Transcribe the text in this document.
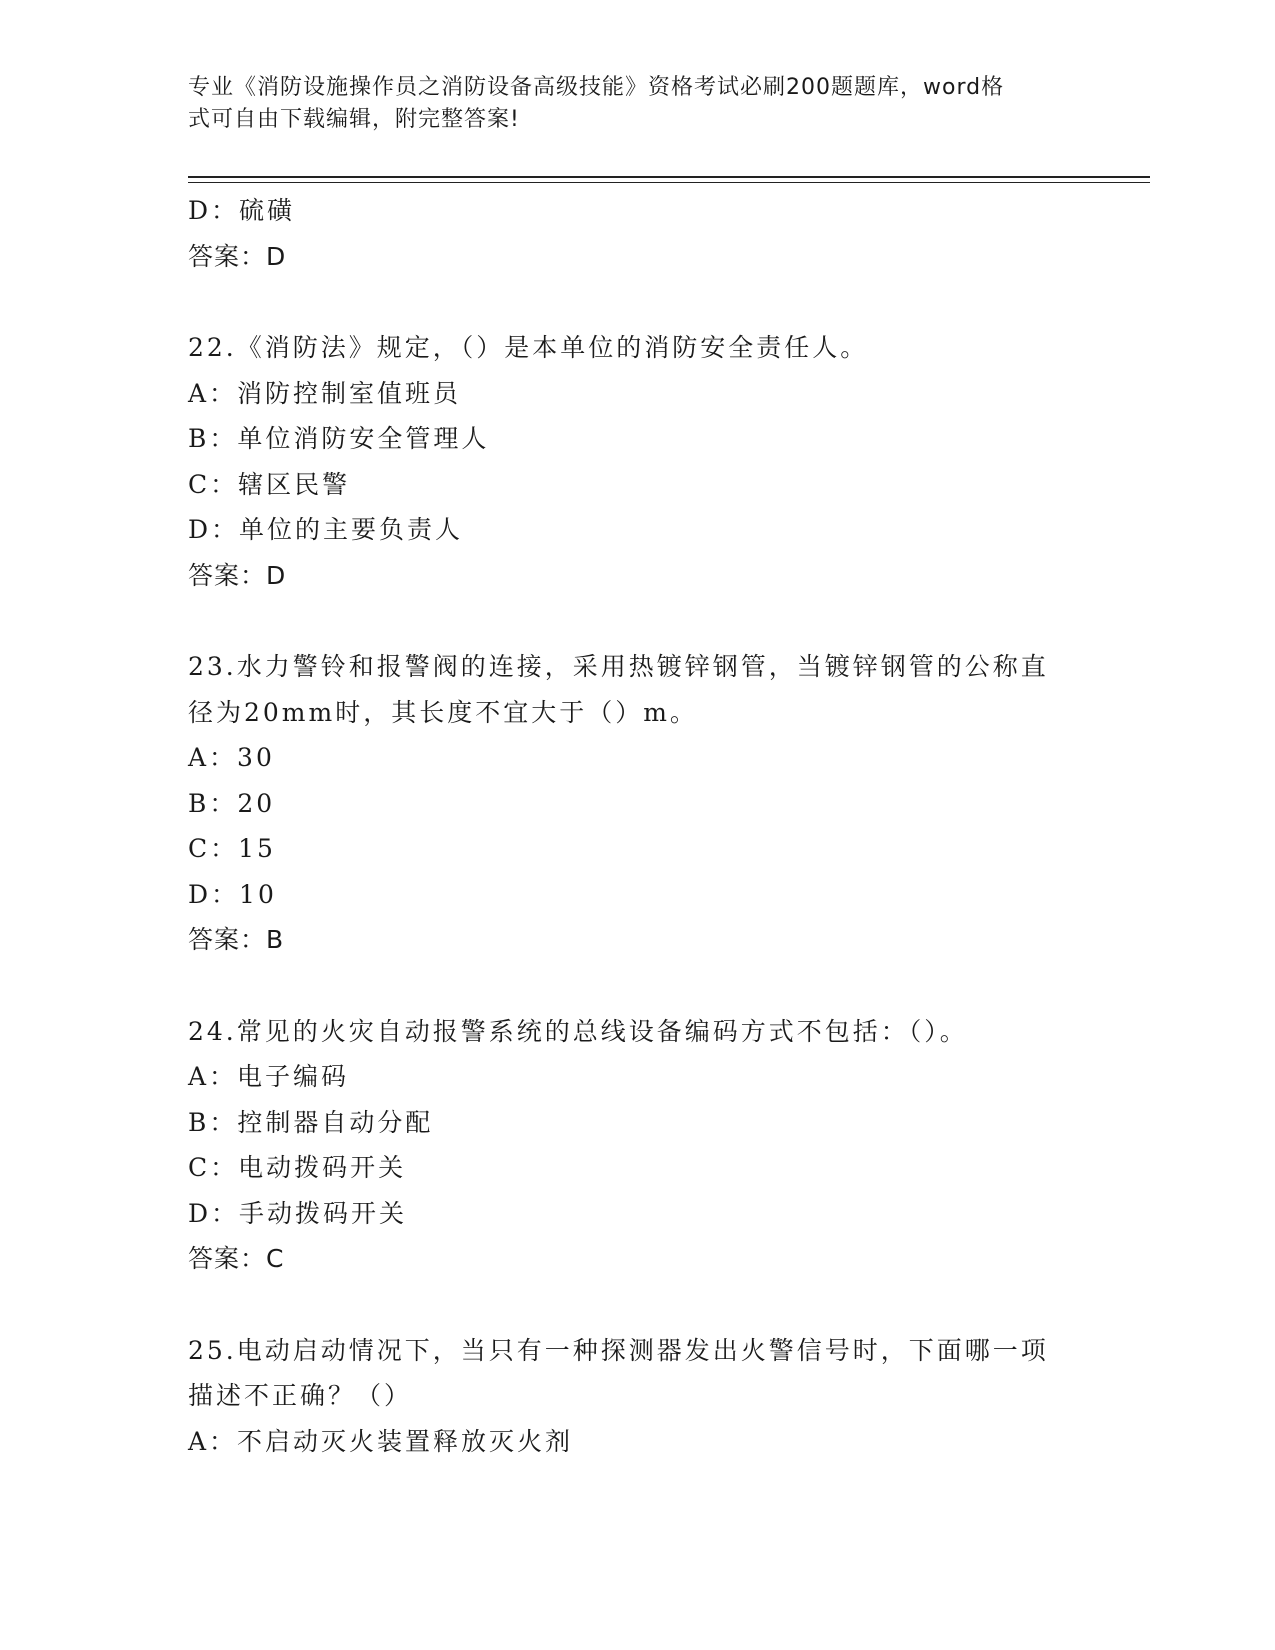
专业《消防设施操作员之消防设备高级技能》资格考试必刷200题题库，word格
式可自由下载编辑，附完整答案!
D：硫磺
答案：D
22.《消防法》规定，（）是本单位的消防安全责任人。
A：消防控制室值班员
B：单位消防安全管理人
C：辖区民警
D：单位的主要负责人
答案：D
23.水力警铃和报警阀的连接，采用热镀锌钢管，当镀锌钢管的公称直
径为20mm时，其长度不宜大于（）m。
A：30
B：20
C：15
D：10
答案：B
24.常见的火灾自动报警系统的总线设备编码方式不包括：（）。
A：电子编码
B：控制器自动分配
C：电动拨码开关
D：手动拨码开关
答案：C
25.电动启动情况下，当只有一种探测器发出火警信号时，下面哪一项
描述不正确？（）
A：不启动灭火装置释放灭火剂
